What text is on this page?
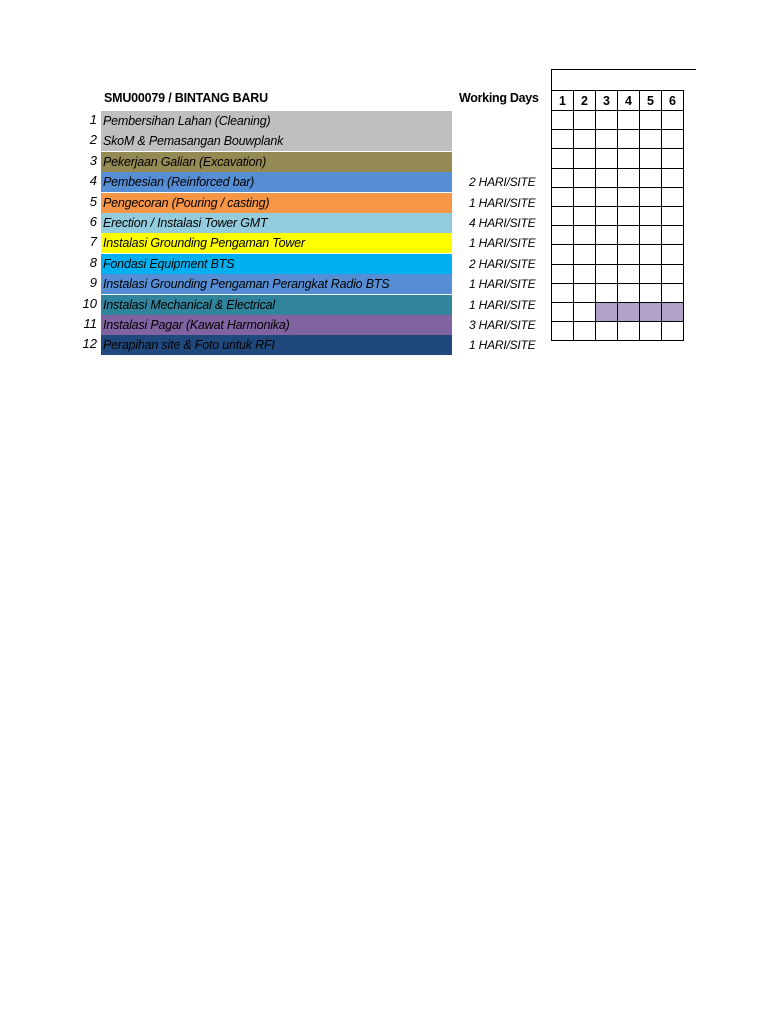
SMU00079 / BINTANG BARU	Working Days
1 Pembersihan Lahan (Cleaning)
2 SkoM & Pemasangan Bouwplank
3 Pekerjaan Galian (Excavation)
4 Pembesian (Reinforced bar)	2 HARI/SITE
5 Pengecoran (Pouring / casting)	1 HARI/SITE
6 Erection / Instalasi Tower GMT	4 HARI/SITE
7 Instalasi Grounding Pengaman Tower	1 HARI/SITE
8 Fondasi Equipment BTS	2 HARI/SITE
9 Instalasi Grounding Pengaman Perangkat Radio BTS	1 HARI/SITE
10 Instalasi Mechanical & Electrical	1 HARI/SITE
11 Instalasi Pagar (Kawat Harmonika)	3 HARI/SITE
12 Perapihan site & Foto untuk RFI	1 HARI/SITE
1	2	3	4	5	6
